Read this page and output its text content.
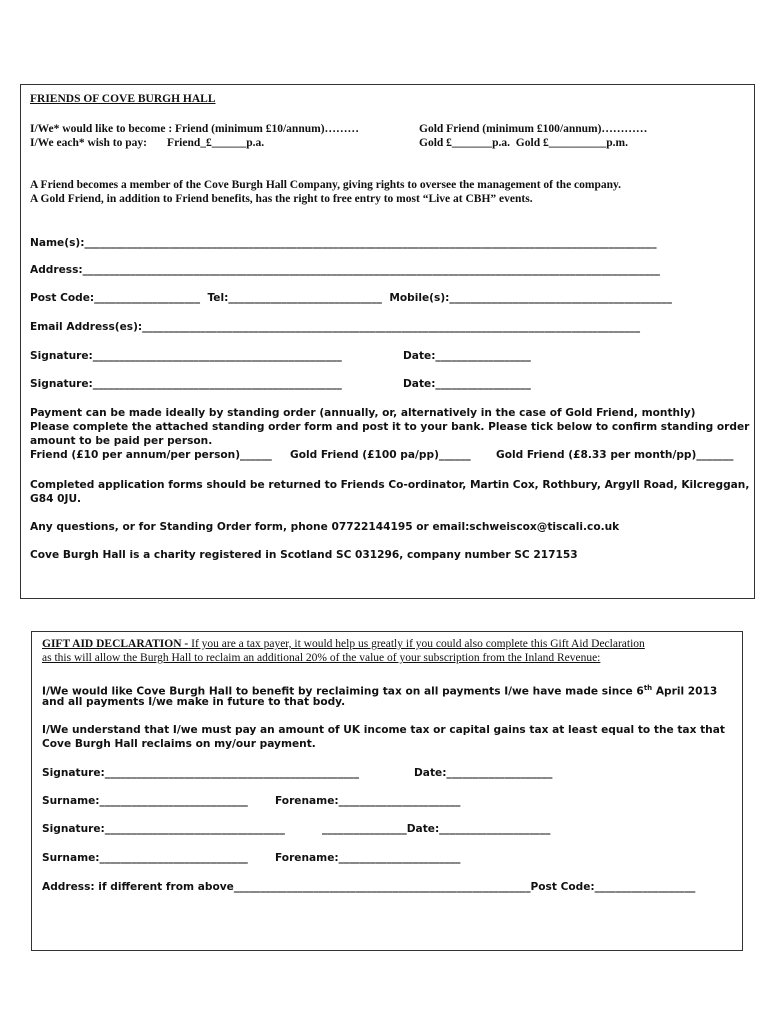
FRIENDS OF COVE BURGH HALL
I/We* would like to become : Friend (minimum £10/annum)………	Gold Friend (minimum £100/annum)…………
I/We each* wish to pay:       Friend_£______p.a.	Gold £_______p.a.  Gold £__________p.m.
A Friend becomes a member of the Cove Burgh Hall Company, giving rights to oversee the management of the company.
A Gold Friend, in addition to Friend benefits, has the right to free entry to most “Live at CBH” events.
Name(s):____________________________________________________________________________________________________________
Address:_____________________________________________________________________________________________________________
Post Code:____________________  Tel:_____________________________  Mobile(s):__________________________________________
Email Address(es):______________________________________________________________________________________________
Signature:_______________________________________________	Date:__________________
Signature:_______________________________________________	Date:__________________
Payment can be made ideally by standing order (annually, or, alternatively in the case of Gold Friend, monthly)
Please complete the attached standing order form and post it to your bank. Please tick below to confirm standing order
amount to be paid per person.
Friend (£10 per annum/per person)______ Gold Friend (£100 pa/pp)______ Gold Friend (£8.33 per month/pp)_______
Completed application forms should be returned to Friends Co-ordinator, Martin Cox, Rothbury, Argyll Road, Kilcreggan,
G84 0JU.
Any questions, or for Standing Order form, phone 07722144195 or email:schweiscox@tiscali.co.uk
Cove Burgh Hall is a charity registered in Scotland SC 031296, company number SC 217153
GIFT AID DECLARATION - If you are a tax payer, it would help us greatly if you could also complete this Gift Aid Declaration
as this will allow the Burgh Hall to reclaim an additional 20% of the value of your subscription from the Inland Revenue:
I/We would like Cove Burgh Hall to benefit by reclaiming tax on all payments I/we have made since 6th April 2013
and all payments I/we make in future to that body.
I/We understand that I/we must pay an amount of UK income tax or capital gains tax at least equal to the tax that
Cove Burgh Hall reclaims on my/our payment.
Signature:________________________________________________	Date:____________________
Surname:____________________________	Forename:_______________________
Signature:__________________________________	________________Date:_____________________
Surname:____________________________	Forename:_______________________
Address: if different from above________________________________________________________Post Code:___________________
